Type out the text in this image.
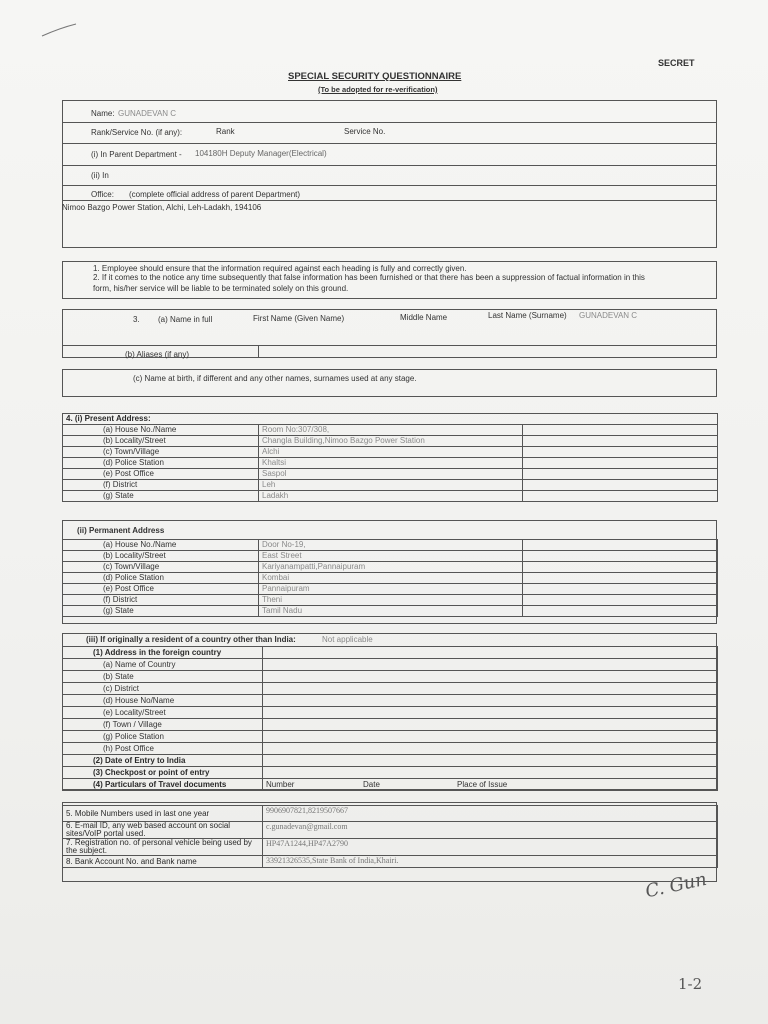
SECRET
SPECIAL SECURITY QUESTIONNAIRE
(To be adopted for re-verification)
Name: GUNADEVAN C
Rank/Service No. (if any):	Rank	Service No.
(i) In Parent Department - 104180H Deputy Manager(Electrical)
(ii) In
Office: (complete official address of parent Department)
Nimoo Bazgo Power Station, Alchi, Leh-Ladakh, 194106
1. Employee should ensure that the information required against each heading is fully and correctly given.
2. If it comes to the notice any time subsequently that false information has been furnished or that there has been a suppression of factual information in this
form, his/her service will be liable to be terminated solely on this ground.
3. (a) Name in full	First Name (Given Name)	Middle Name	Last Name (Surname) GUNADEVAN C
(b) Aliases (if any)
(c) Name at birth, if different and any other names, surnames used at any stage.
4. (i) Present Address:		
(a) House No./Name	Room No:307/308,	
(b) Locality/Street	Changla Building,Nimoo Bazgo Power Station	
(c) Town/Village	Alchi	
(d) Police Station	Khaltsi	
(e) Post Office	Saspol	
(f) District	Leh	
(g) State	Ladakh	
(ii) Permanent Address
(a) House No./Name	Door No-19,	
(b) Locality/Street	East Street	
(c) Town/Village	Kariyanampatti,Pannaipuram	
(d) Police Station	Kombai	
(e) Post Office	Pannaipuram	
(f) District	Theni	
(g) State	Tamil Nadu	
(iii) If originally a resident of a country other than India:	Not applicable
(1) Address in the foreign country	
(a) Name of Country	
(b) State	
(c) District	
(d) House No/Name	
(e) Locality/Street	
(f) Town / Village	
(g) Police Station	
(h) Post Office	
(2) Date of Entry to India	
(3) Checkpost or point of entry	
(4) Particulars of Travel documents	Number Date Place of Issue
5. Mobile Numbers used in last one year	9906907821,8219507667
6. E-mail ID, any web based account on social sites/VoIP portal used.	c.gunadevan@gmail.com
7. Registration no. of personal vehicle being used by the subject.	HP47A1244,HP47A2790
8. Bank Account No. and Bank name	33921326535,State Bank of India,Khairi.
C. Gun
1-2
